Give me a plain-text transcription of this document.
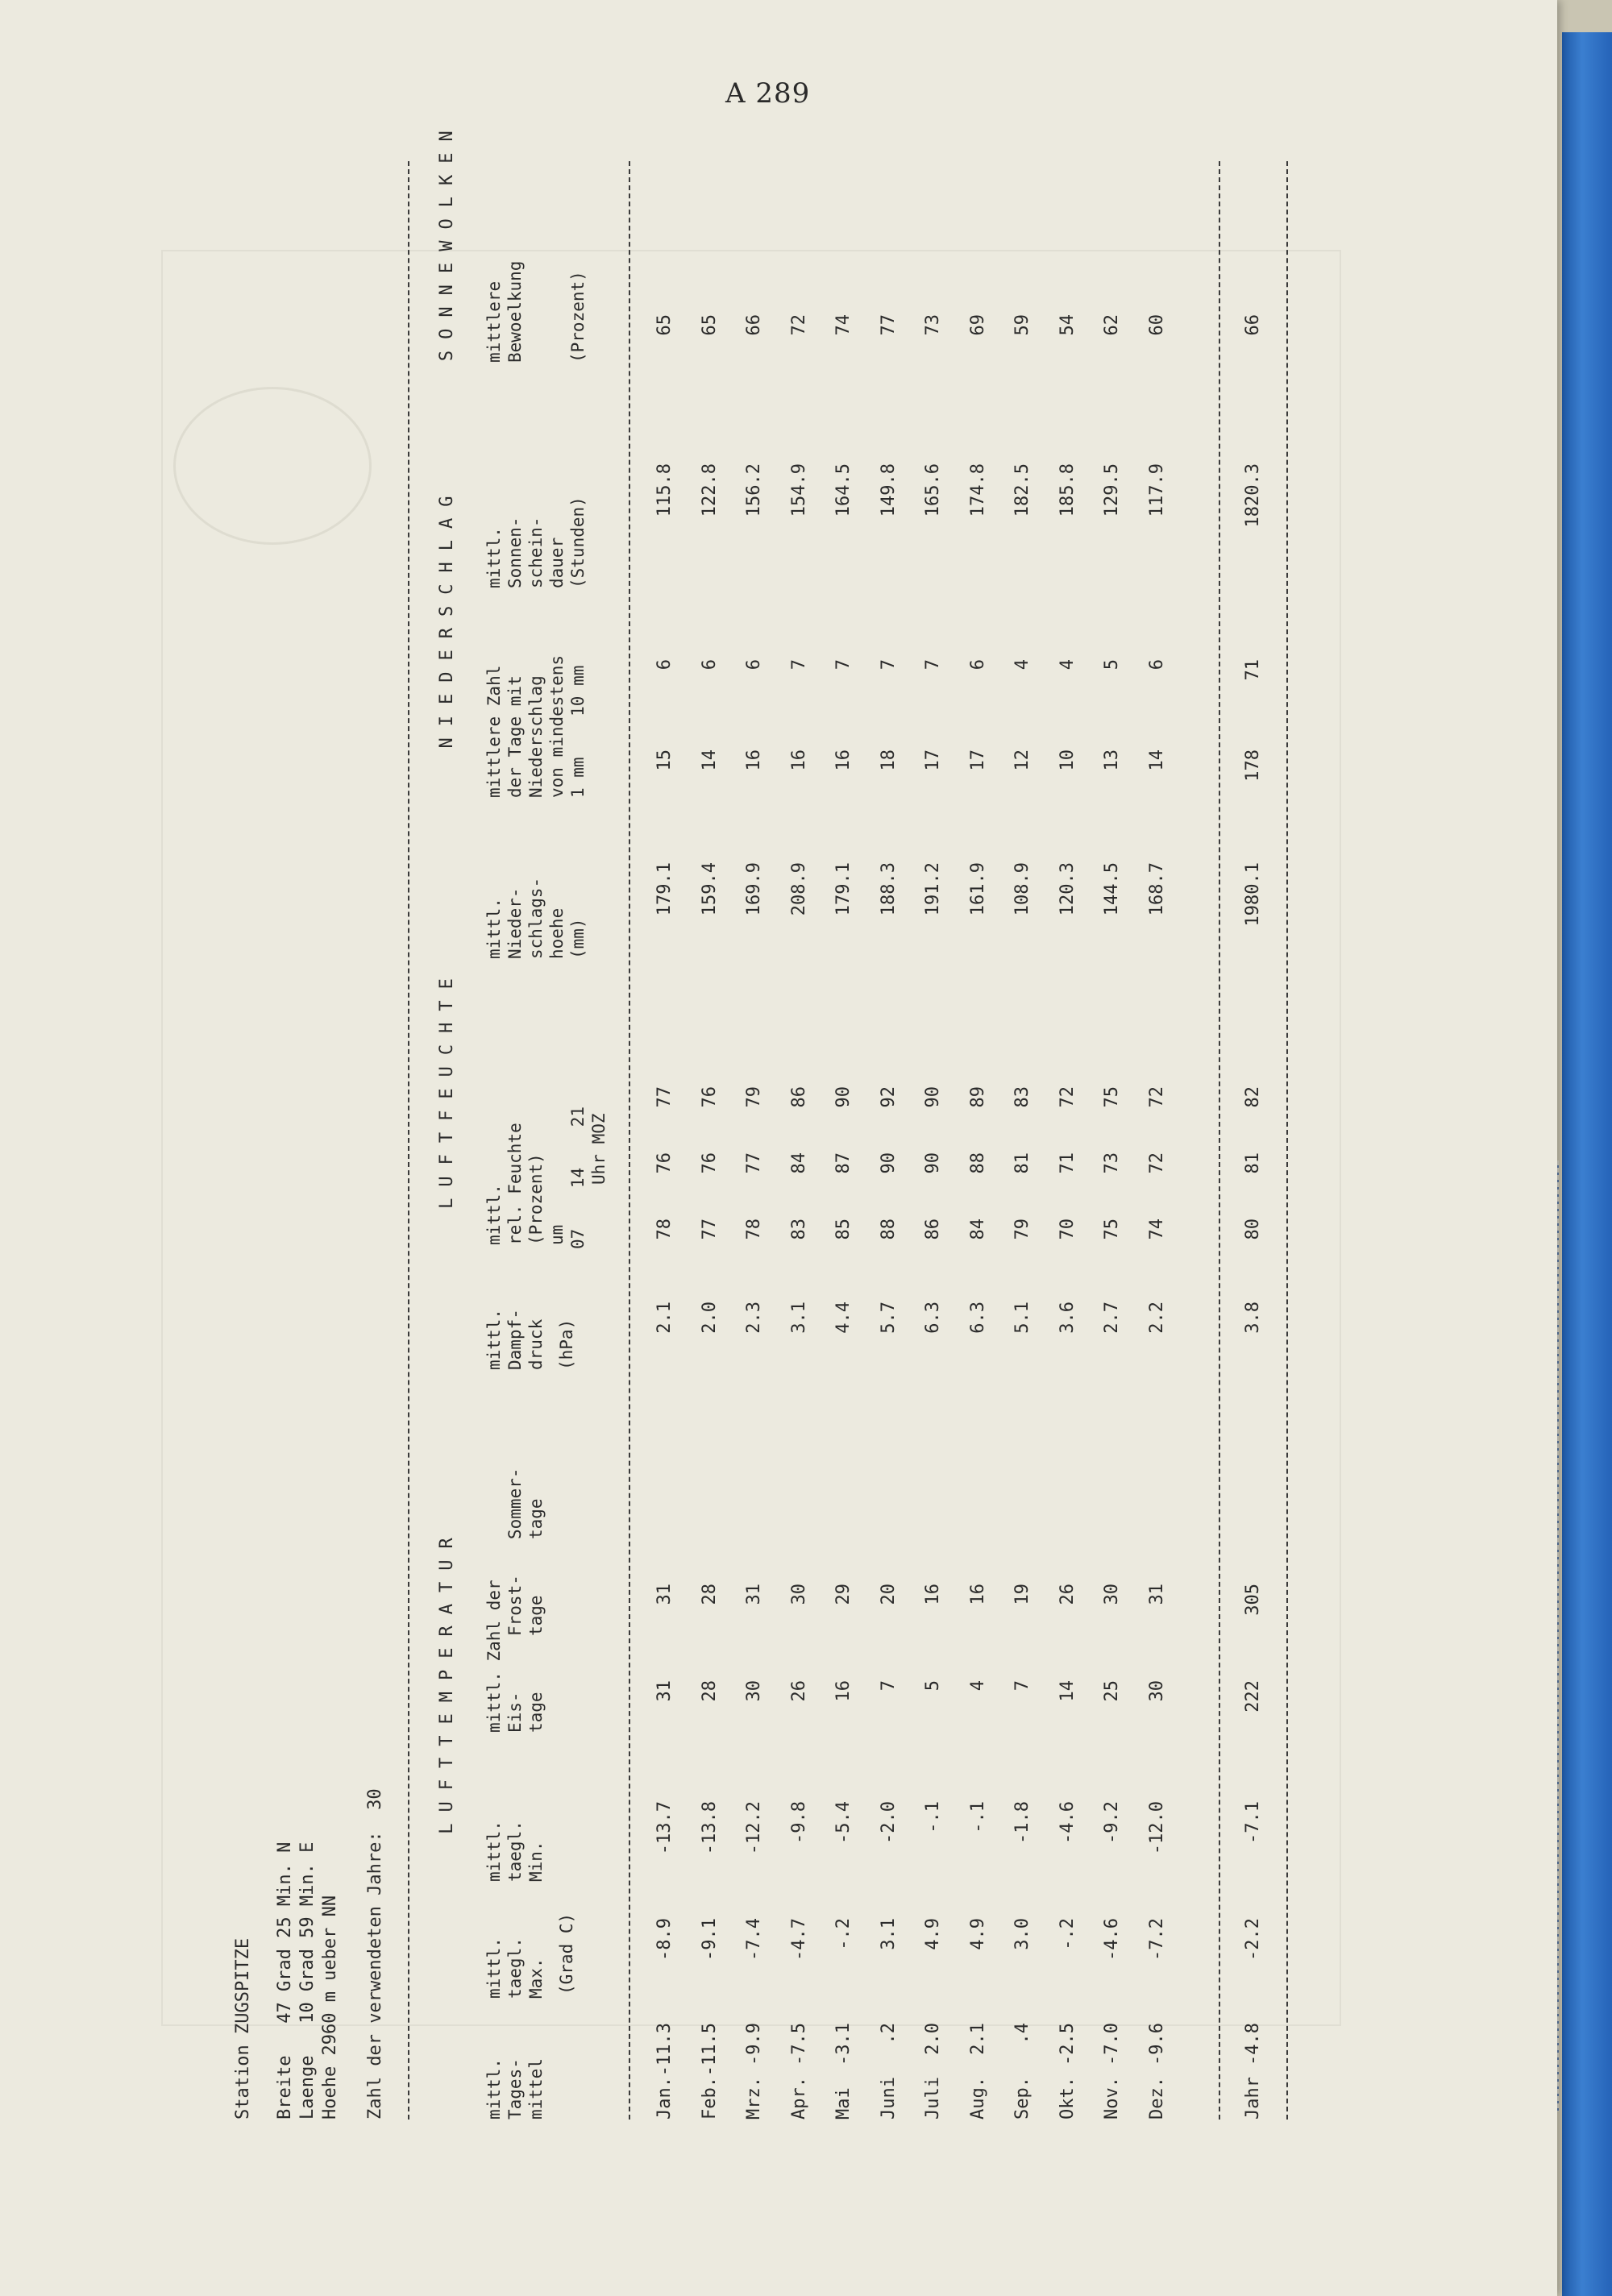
A 289
Station ZUGSPITZE Breite   47 Grad 25 Min. N Laenge   10 Grad 59 Min. E Hoehe 2960 m ueber NN Zahl der verwendeten Jahre:  30
LUFTTEMPERATUR
LUFTFEUCHTE
NIEDERSCHLAG
SONNE
WOLKEN
mittl.
Tages-
mittel
mittl.
taegl.
Max.
mittl.
taegl.
Min.
(Grad C)
mittl. Zahl der Eis-
tage
Frost-
tage
Sommer-
tage
mittl.
Dampf-
druck (hPa)
mittl.
rel. Feuchte
(Prozent)
um 07    14    21 Uhr MOZ
mittl.
Nieder-
schlags-
hoehe
(mm)
mittlere Zahl
der Tage mit
Niederschlag
von mindestens 1 mm    10 mm
mittl.
Sonnen-
schein-
dauer
(Stunden)
mittlere
Bewoelkung	(Prozent)
Jan.
-11.3
-8.9
-13.7
31
31
2.1
78
76
77
179.1
15
6
115.8
65
Feb.
-11.5
-9.1
-13.8
28
28
2.0
77
76
76
159.4
14
6
122.8
65
Mrz.
-9.9
-7.4
-12.2
30
31
2.3
78
77
79
169.9
16
6
156.2
66
Apr.
-7.5
-4.7
-9.8
26
30
3.1
83
84
86
208.9
16
7
154.9
72
Mai
-3.1
-.2
-5.4
16
29
4.4
85
87
90
179.1
16
7
164.5
74
Juni
.2
3.1
-2.0
7
20
5.7
88
90
92
188.3
18
7
149.8
77
Juli
2.0
4.9
-.1
5
16
6.3
86
90
90
191.2
17
7
165.6
73
Aug.
2.1
4.9
-.1
4
16
6.3
84
88
89
161.9
17
6
174.8
69
Sep.
.4
3.0
-1.8
7
19
5.1
79
81
83
108.9
12
4
182.5
59
Okt.
-2.5
-.2
-4.6
14
26
3.6
70
71
72
120.3
10
4
185.8
54
Nov.
-7.0
-4.6
-9.2
25
30
2.7
75
73
75
144.5
13
5
129.5
62
Dez.
-9.6
-7.2
-12.0
30
31
2.2
74
72
72
168.7
14
6
117.9
60
Jahr
-4.8
-2.2
-7.1
222
305
3.8
80
81
82
1980.1
178
71
1820.3
66
